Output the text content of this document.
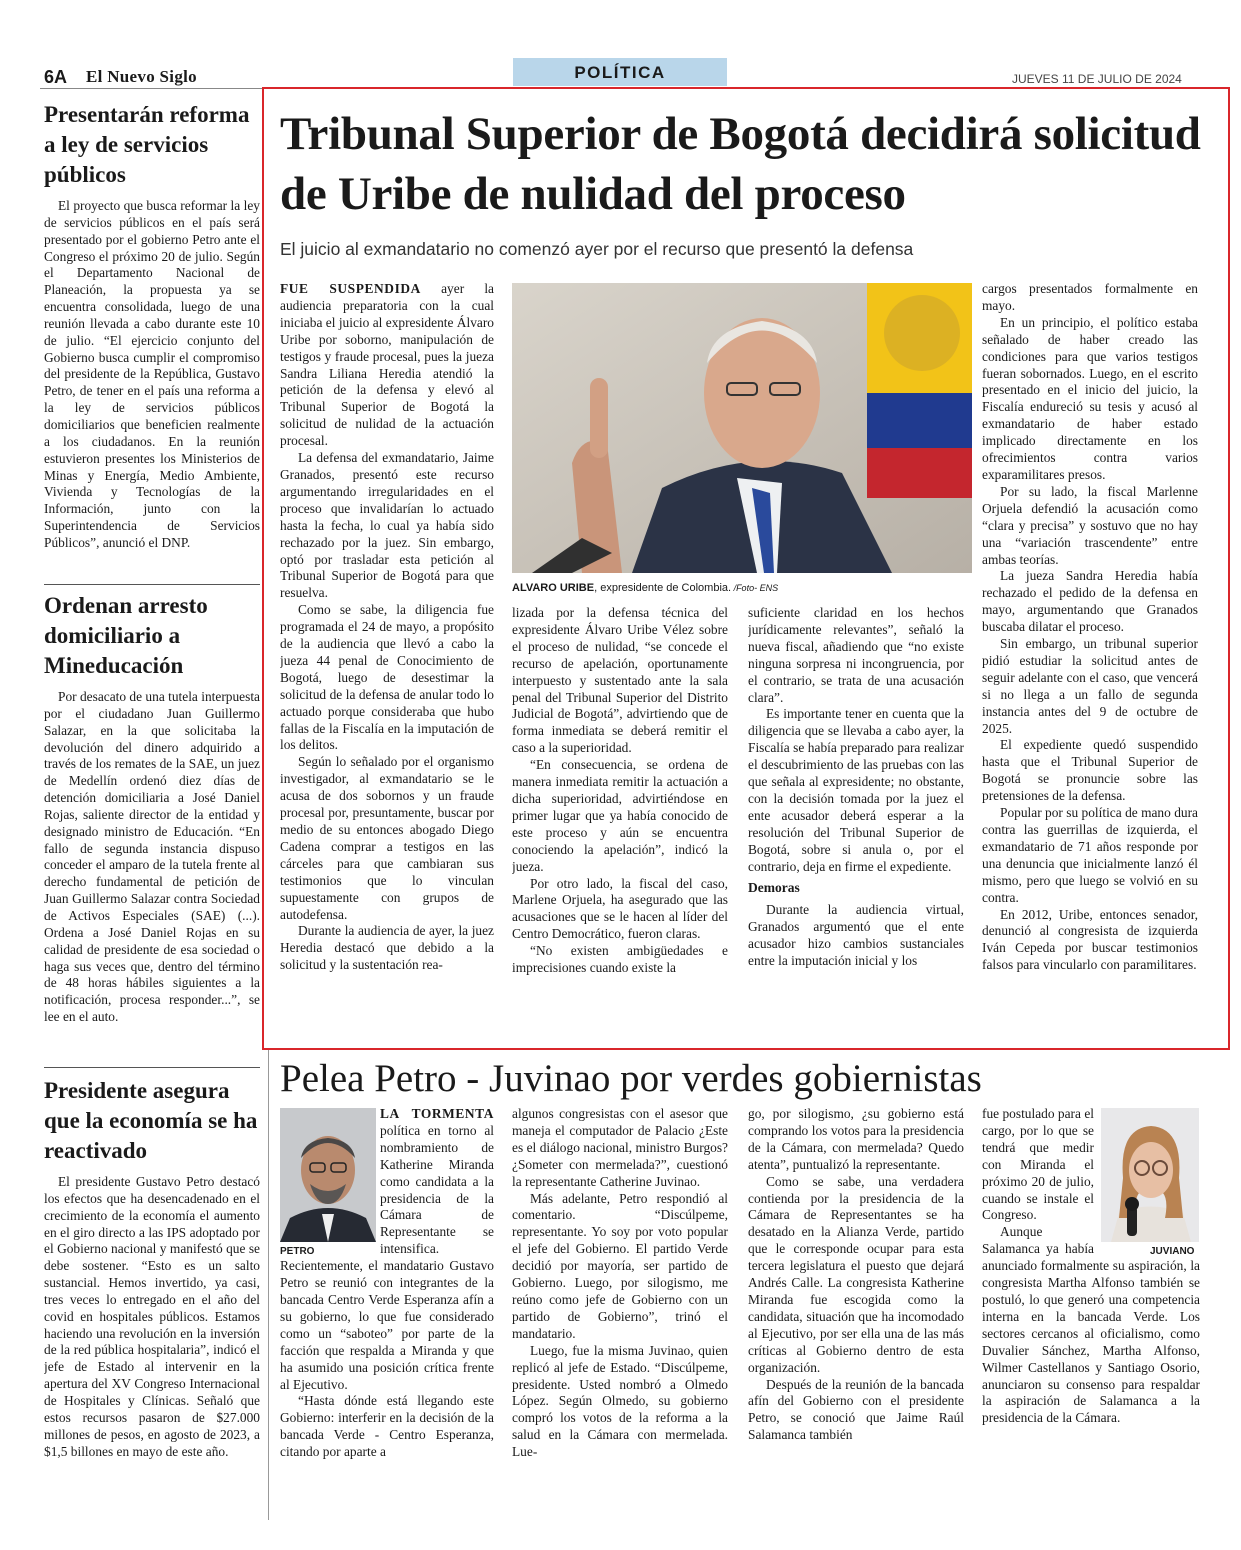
6A El Nuevo Siglo	POLÍTICA	JUEVES 11 DE JULIO DE 2024
Presentarán reforma a ley de servicios públicos
El proyecto que busca reformar la ley de servicios públicos en el país será presentado por el gobierno Petro ante el Congreso el próximo 20 de julio. Según el Departamento Nacional de Planeación, la propuesta ya se encuentra consolidada, luego de una reunión llevada a cabo durante este 10 de julio. “El ejercicio conjunto del Gobierno busca cumplir el compromiso del presidente de la República, Gustavo Petro, de tener en el país una reforma a la ley de servicios públicos domiciliarios que beneficien realmente a los ciudadanos. En la reunión estuvieron presentes los Ministerios de Minas y Energía, Medio Ambiente, Vivienda y Tecnologías de la Información, junto con la Superintendencia de Servicios Públicos”, anunció el DNP.
Ordenan arresto domiciliario a Mineducación
Por desacato de una tutela interpuesta por el ciudadano Juan Guillermo Salazar, en la que solicitaba la devolución del dinero adquirido a través de los remates de la SAE, un juez de Medellín ordenó diez días de detención domiciliaria a José Daniel Rojas, saliente director de la entidad y designado ministro de Educación. “En fallo de segunda instancia dispuso conceder el amparo de la tutela frente al derecho fundamental de petición de Juan Guillermo Salazar contra Sociedad de Activos Especiales (SAE) (...). Ordena a José Daniel Rojas en su calidad de presidente de esa sociedad o haga sus veces que, dentro del término de 48 horas hábiles siguientes a la notificación, procesa responder...”, se lee en el auto.
Presidente asegura que la economía se ha reactivado
El presidente Gustavo Petro destacó los efectos que ha desencadenado en el crecimiento de la economía el aumento en el giro directo a las IPS adoptado por el Gobierno nacional y manifestó que se debe sostener. “Esto es un salto sustancial. Hemos invertido, ya casi, tres veces lo entregado en el año del covid en hospitales públicos. Estamos haciendo una revolución en la inversión de la red pública hospitalaria”, indicó el jefe de Estado al intervenir en la apertura del XV Congreso Internacional de Hospitales y Clínicas. Señaló que estos recursos pasaron de $27.000 millones de pesos, en agosto de 2023, a $1,5 billones en mayo de este año.
Tribunal Superior de Bogotá decidirá solicitud de Uribe de nulidad del proceso
El juicio al exmandatario no comenzó ayer por el recurso que presentó la defensa

FUE SUSPENDIDA ayer la audiencia preparatoria con la cual iniciaba el juicio al expresidente Álvaro Uribe por soborno, manipulación de testigos y fraude procesal, pues la jueza Sandra Liliana Heredia atendió la petición de la defensa y elevó al Tribunal Superior de Bogotá la solicitud de nulidad de la actuación procesal.

La defensa del exmandatario, Jaime Granados, presentó este recurso argumentando irregularidades en el proceso que invalidarían lo actuado hasta la fecha, lo cual ya había sido rechazado por la juez. Sin embargo, optó por trasladar esta petición al Tribunal Superior de Bogotá para que resuelva.

Como se sabe, la diligencia fue programada el 24 de mayo, a propósito de la audiencia que llevó a cabo la jueza 44 penal de Conocimiento de Bogotá, luego de desestimar la solicitud de la defensa de anular todo lo actuado porque consideraba que hubo fallas de la Fiscalía en la imputación de los delitos.

Según lo señalado por el organismo investigador, al exmandatario se le acusa de dos sobornos y un fraude procesal por, presuntamente, buscar por medio de su entonces abogado Diego Cadena comprar a testigos en las cárceles para que cambiaran sus testimonios que lo vinculan supuestamente con grupos de autodefensa.

Durante la audiencia de ayer, la juez Heredia destacó que debido a la solicitud y la sustentación rea-

ALVARO URIBE, expresidente de Colombia. /Foto- ENS

lizada por la defensa técnica del expresidente Álvaro Uribe Vélez sobre el proceso de nulidad, “se concede el recurso de apelación, oportunamente interpuesto y sustentado ante la sala penal del Tribunal Superior del Distrito Judicial de Bogotá”, advirtiendo que de forma inmediata se deberá remitir el caso a la superioridad.

“En consecuencia, se ordena de manera inmediata remitir la actuación a dicha superioridad, advirtiéndose en primer lugar que ya había conocido de este proceso y aún se encuentra conociendo la apelación”, indicó la jueza.

Por otro lado, la fiscal del caso, Marlene Orjuela, ha asegurado que las acusaciones que se le hacen al líder del Centro Democrático, fueron claras.

“No existen ambigüedades e imprecisiones cuando existe la

suficiente claridad en los hechos jurídicamente relevantes”, señaló la nueva fiscal, añadiendo que “no existe ninguna sorpresa ni incongruencia, por el contrario, se trata de una acusación clara”.

Es importante tener en cuenta que la diligencia que se llevaba a cabo ayer, la Fiscalía se había preparado para realizar el descubrimiento de las pruebas con las que señala al expresidente; no obstante, con la decisión tomada por la juez el ente acusador deberá esperar a la resolución del Tribunal Superior de Bogotá, sobre si anula o, por el contrario, deja en firme el expediente.

Demoras

Durante la audiencia virtual, Granados argumentó que el ente acusador hizo cambios sustanciales entre la imputación inicial y los

cargos presentados formalmente en mayo.

En un principio, el político estaba señalado de haber creado las condiciones para que varios testigos fueran sobornados. Luego, en el escrito presentado en el inicio del juicio, la Fiscalía endureció su tesis y acusó al exmandatario de haber estado implicado directamente en los ofrecimientos contra varios exparamilitares presos.

Por su lado, la fiscal Marlenne Orjuela defendió la acusación como “clara y precisa” y sostuvo que no hay una “variación trascendente” entre ambas teorías.

La jueza Sandra Heredia había rechazado el pedido de la defensa en mayo, argumentando que Granados buscaba dilatar el proceso.

Sin embargo, un tribunal superior pidió estudiar la solicitud antes de seguir adelante con el caso, que vencerá si no llega a un fallo de segunda instancia antes del 9 de octubre de 2025.

El expediente quedó suspendido hasta que el Tribunal Superior de Bogotá se pronuncie sobre las pretensiones de la defensa.

Popular por su política de mano dura contra las guerrillas de izquierda, el exmandatario de 71 años responde por una denuncia que inicialmente lanzó él mismo, pero que luego se volvió en su contra.

En 2012, Uribe, entonces senador, denunció al congresista de izquierda Iván Cepeda por buscar testimonios falsos para vincularlo con paramilitares.

Pelea Petro - Juvinao por verdes gobiernistas
PETRO	JUVIANO

LA TORMENTA política en torno al nombramiento de Katherine Miranda como candidata a la presidencia de la Cámara de Representante se intensifica. Recientemente, el mandatario Gustavo Petro se reunió con integrantes de la bancada Centro Verde Esperanza afín a su gobierno, lo que fue considerado como un “saboteo” por parte de la facción que respalda a Miranda y que ha asumido una posición crítica frente al Ejecutivo.

“Hasta dónde está llegando este Gobierno: interferir en la decisión de la bancada Verde - Centro Esperanza, citando por aparte a

algunos congresistas con el asesor que maneja el computador de Palacio ¿Este es el diálogo nacional, ministro Burgos? ¿Someter con mermelada?”, cuestionó la representante Catherine Juvinao.

Más adelante, Petro respondió al comentario. “Discúlpeme, representante. Yo soy por voto popular el jefe del Gobierno. El partido Verde decidió por mayoría, ser partido de Gobierno. Luego, por silogismo, me reúno como jefe de Gobierno con un partido de Gobierno”, trinó el mandatario.

Luego, fue la misma Juvinao, quien replicó al jefe de Estado. “Discúlpeme, presidente. Usted nombró a Olmedo López. Según Olmedo, su gobierno compró los votos de la reforma a la salud en la Cámara con mermelada. Lue-

go, por silogismo, ¿su gobierno está comprando los votos para la presidencia de la Cámara, con mermelada? Quedo atenta”, puntualizó la representante.

Como se sabe, una verdadera contienda por la presidencia de la Cámara de Representantes se ha desatado en la Alianza Verde, partido que le corresponde ocupar para esta tercera legislatura el puesto que dejará Andrés Calle. La congresista Katherine Miranda fue escogida como la candidata, situación que ha incomodado al Ejecutivo, por ser ella una de las más críticas al Gobierno dentro de esta organización.

Después de la reunión de la bancada afín del Gobierno con el presidente Petro, se conoció que Jaime Raúl Salamanca también

fue postulado para el cargo, por lo que se tendrá que medir con Miranda el próximo 20 de julio, cuando se instale el Congreso.

Aunque Salamanca ya había anunciado formalmente su aspiración, la congresista Martha Alfonso también se postuló, lo que generó una competencia interna en la bancada Verde. Los sectores cercanos al oficialismo, como Duvalier Sánchez, Martha Alfonso, Wilmer Castellanos y Santiago Osorio, anunciaron su consenso para respaldar la aspiración de Salamanca a la presidencia de la Cámara.
